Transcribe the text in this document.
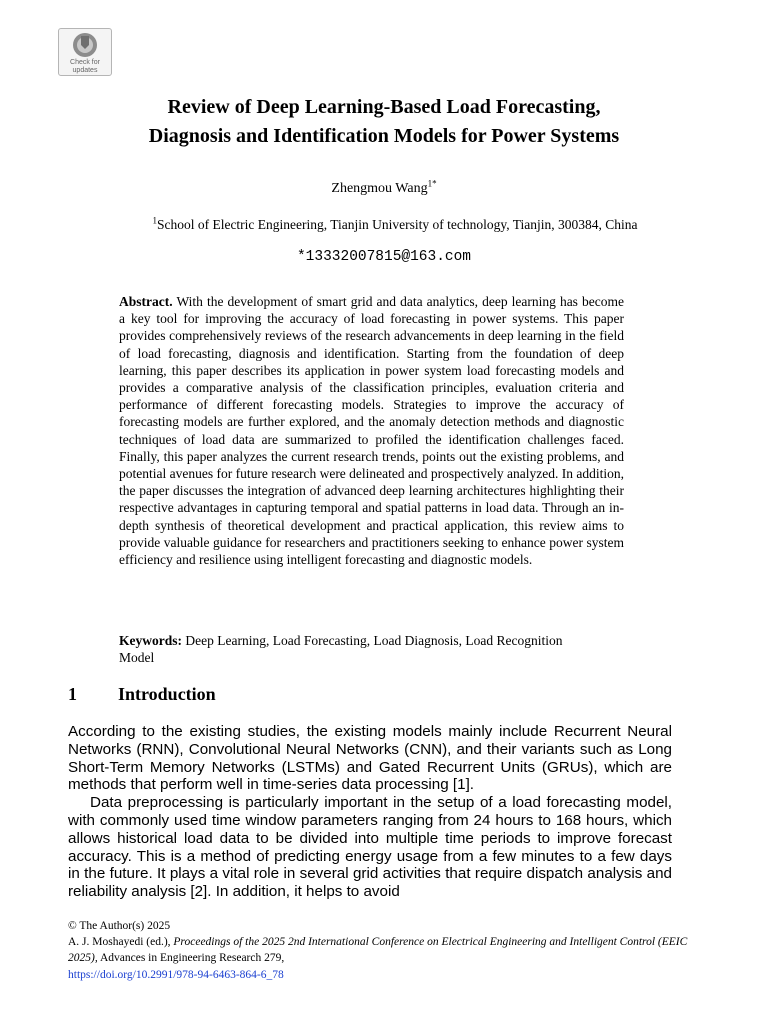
Check for
updates
Review of Deep Learning-Based Load Forecasting,
Diagnosis and Identification Models for Power Systems
Zhengmou Wang$^{1*}$
$^1$School of Electric Engineering, Tianjin University of technology, Tianjin, 300384, China
*13332007815@163.com
Abstract. With the development of smart grid and data analytics, deep learning has become a key tool for improving the accuracy of load forecasting in power systems. This paper provides comprehensively reviews of the research advancements in deep learning in the field of load forecasting, diagnosis and identification. Starting from the foundation of deep learning, this paper describes its application in power system load forecasting models and provides a comparative analysis of the classification principles, evaluation criteria and performance of different forecasting models. Strategies to improve the accuracy of forecasting models are further explored, and the anomaly detection methods and diagnostic techniques of load data are summarized to profiled the identification challenges faced. Finally, this paper analyzes the current research trends, points out the existing problems, and potential avenues for future research were delineated and prospectively analyzed. In addition, the paper discusses the integration of advanced deep learning architectures highlighting their respective advantages in capturing temporal and spatial patterns in load data. Through an in-depth synthesis of theoretical development and practical application, this review aims to provide valuable guidance for researchers and practitioners seeking to enhance power system efficiency and resilience using intelligent forecasting and diagnostic models.
Keywords: Deep Learning, Load Forecasting, Load Diagnosis, Load Recognition Model
1 Introduction

According to the existing studies, the existing models mainly include Recurrent Neural Networks (RNN), Convolutional Neural Networks (CNN), and their variants such as Long Short-Term Memory Networks (LSTMs) and Gated Recurrent Units (GRUs), which are methods that perform well in time-series data processing [1].

Data preprocessing is particularly important in the setup of a load forecasting model, with commonly used time window parameters ranging from 24 hours to 168 hours, which allows historical load data to be divided into multiple time periods to improve forecast accuracy. This is a method of predicting energy usage from a few minutes to a few days in the future. It plays a vital role in several grid activities that require dispatch analysis and reliability analysis [2]. In addition, it helps to avoid

© The Author(s) 2025
A. J. Moshayedi (ed.), Proceedings of the 2025 2nd International Conference on Electrical Engineering and Intelligent Control (EEIC 2025), Advances in Engineering Research 279,
https://doi.org/10.2991/978-94-6463-864-6_78
